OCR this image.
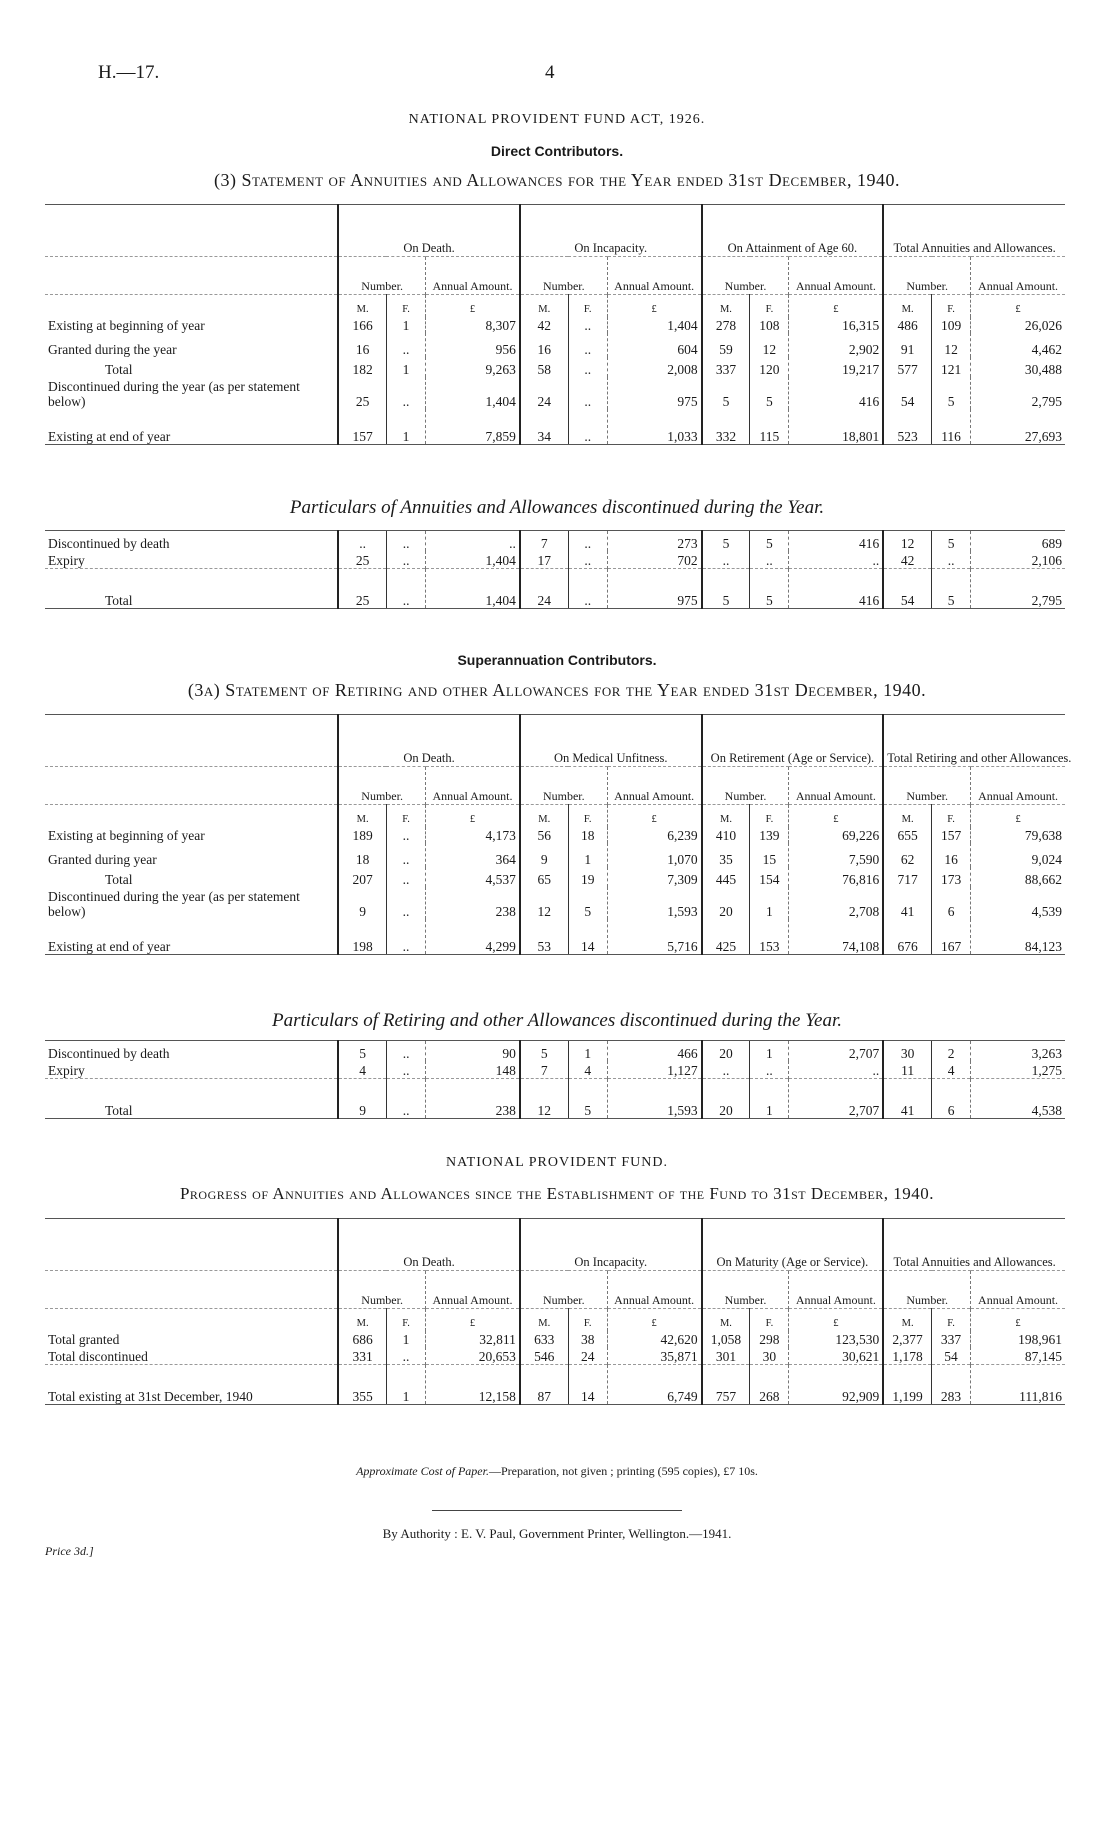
H.—17.	4
NATIONAL PROVIDENT FUND ACT, 1926.
Direct Contributors.
(3) Statement of Annuities and Allowances for the Year ended 31st December, 1940.
	On Death.			On Incapacity.			On Attainment of Age 60.			Total Annuities and Allowances.		
	Number.		Annual Amount.	Number.		Annual Amount.	Number.		Annual Amount.	Number.		Annual Amount.
	M.	F.	£	M.	F.	£	M.	F.	£	M.	F.	£
Existing at beginning of year	166	1	8,307	42	..	1,404	278	108	16,315	486	109	26,026
Granted during the year	16	..	956	16	..	604	59	12	2,902	91	12	4,462
Total	182	1	9,263	58	..	2,008	337	120	19,217	577	121	30,488
Discontinued during the year (as per statement below)	25	..	1,404	24	..	975	5	5	416	54	5	2,795
Existing at end of year	157	1	7,859	34	..	1,033	332	115	18,801	523	116	27,693
Particulars of Annuities and Allowances discontinued during the Year.
Discontinued by death	..	..	..	7	..	273	5	5	416	12	5	689
Expiry	25	..	1,404	17	..	702	..	..	..	42	..	2,106
Total	25	..	1,404	24	..	975	5	5	416	54	5	2,795
Superannuation Contributors.
(3a) Statement of Retiring and other Allowances for the Year ended 31st December, 1940.
	On Death.			On Medical Unfitness.			On Retirement (Age or Service).			Total Retiring and other Allowances.		
	Number.		Annual Amount.	Number.		Annual Amount.	Number.		Annual Amount.	Number.		Annual Amount.
	M.	F.	£	M.	F.	£	M.	F.	£	M.	F.	£
Existing at beginning of year	189	..	4,173	56	18	6,239	410	139	69,226	655	157	79,638
Granted during year	18	..	364	9	1	1,070	35	15	7,590	62	16	9,024
Total	207	..	4,537	65	19	7,309	445	154	76,816	717	173	88,662
Discontinued during the year (as per statement below)	9	..	238	12	5	1,593	20	1	2,708	41	6	4,539
Existing at end of year	198	..	4,299	53	14	5,716	425	153	74,108	676	167	84,123
Particulars of Retiring and other Allowances discontinued during the Year.
Discontinued by death	5	..	90	5	1	466	20	1	2,707	30	2	3,263
Expiry	4	..	148	7	4	1,127	..	..	..	11	4	1,275
Total	9	..	238	12	5	1,593	20	1	2,707	41	6	4,538
NATIONAL PROVIDENT FUND.
Progress of Annuities and Allowances since the Establishment of the Fund to 31st December, 1940.
	On Death.			On Incapacity.			On Maturity (Age or Service).			Total Annuities and Allowances.		
	Number.		Annual Amount.	Number.		Annual Amount.	Number.		Annual Amount.	Number.		Annual Amount.
	M.	F.	£	M.	F.	£	M.	F.	£	M.	F.	£
Total granted	686	1	32,811	633	38	42,620	1,058	298	123,530	2,377	337	198,961
Total discontinued	331	..	20,653	546	24	35,871	301	30	30,621	1,178	54	87,145
Total existing at 31st December, 1940	355	1	12,158	87	14	6,749	757	268	92,909	1,199	283	111,816
Approximate Cost of Paper.—Preparation, not given ; printing (595 copies), £7 10s.
By Authority : E. V. Paul, Government Printer, Wellington.—1941.
Price 3d.]
